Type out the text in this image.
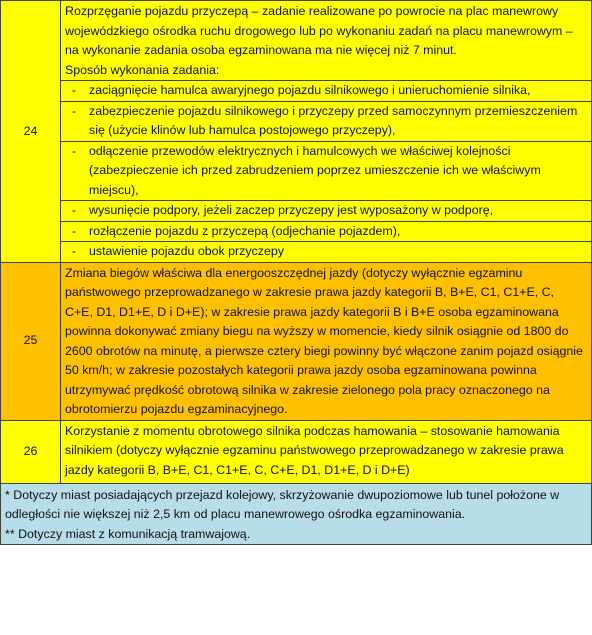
24	

Rozprzęganie pojazdu przyczepą – zadanie realizowane po powrocie na plac manewrowy wojewódzkiego ośrodka ruchu drogowego lub po wykonaniu zadań na placu manewrowym – na wykonanie zadania osoba egzaminowana ma nie więcej niż 7 minut.

Sposób wykonania zadania:

-	zaciągnięcie hamulca awaryjnego pojazdu silnikowego i unieruchomienie silnika,
-	zabezpieczenie pojazdu silnikowego i przyczepy przed samoczynnym przemieszczeniem się (użycie klinów lub hamulca postojowego przyczepy),
-	odłączenie przewodów elektrycznych i hamulcowych we właściwej kolejności (zabezpieczenie ich przed zabrudzeniem poprzez umieszczenie ich we właściwym miejscu),
-	wysunięcie podpory, jeżeli zaczep przyczepy jest wyposażony w podporę,
-	rozłączenie pojazdu z przyczepą (odjechanie pojazdem),
-	ustawienie pojazdu obok przyczepy

25	

Zmiana biegów właściwa dla energooszczędnej jazdy (dotyczy wyłącznie egzaminu państwowego przeprowadzanego w zakresie prawa jazdy kategorii B, B+E, C1, C1+E, C, C+E, D1, D1+E, D i D+E); w zakresie prawa jazdy kategorii B i B+E osoba egzaminowana powinna dokonywać zmiany biegu na wyższy w momencie, kiedy silnik osiągnie od 1800 do 2600 obrotów na minutę, a pierwsze cztery biegi powinny być włączone zanim pojazd osiągnie 50 km/h; w zakresie pozostałych kategorii prawa jazdy osoba egzaminowana powinna utrzymywać prędkość obrotową silnika w zakresie zielonego pola pracy oznaczonego na obrotomierzu pojazdu egzaminacyjnego.

26	

Korzystanie z momentu obrotowego silnika podczas hamowania – stosowanie hamowania silnikiem (dotyczy wyłącznie egzaminu państwowego przeprowadzanego w zakresie prawa jazdy kategorii B, B+E, C1, C1+E, C, C+E, D1, D1+E, D i D+E)

* Dotyczy miast posiadających przejazd kolejowy, skrzyżowanie dwupoziomowe lub tunel położone w odległości nie większej niż 2,5 km od placu manewrowego ośrodka egzaminowania.

** Dotyczy miast z komunikacją tramwajową.
